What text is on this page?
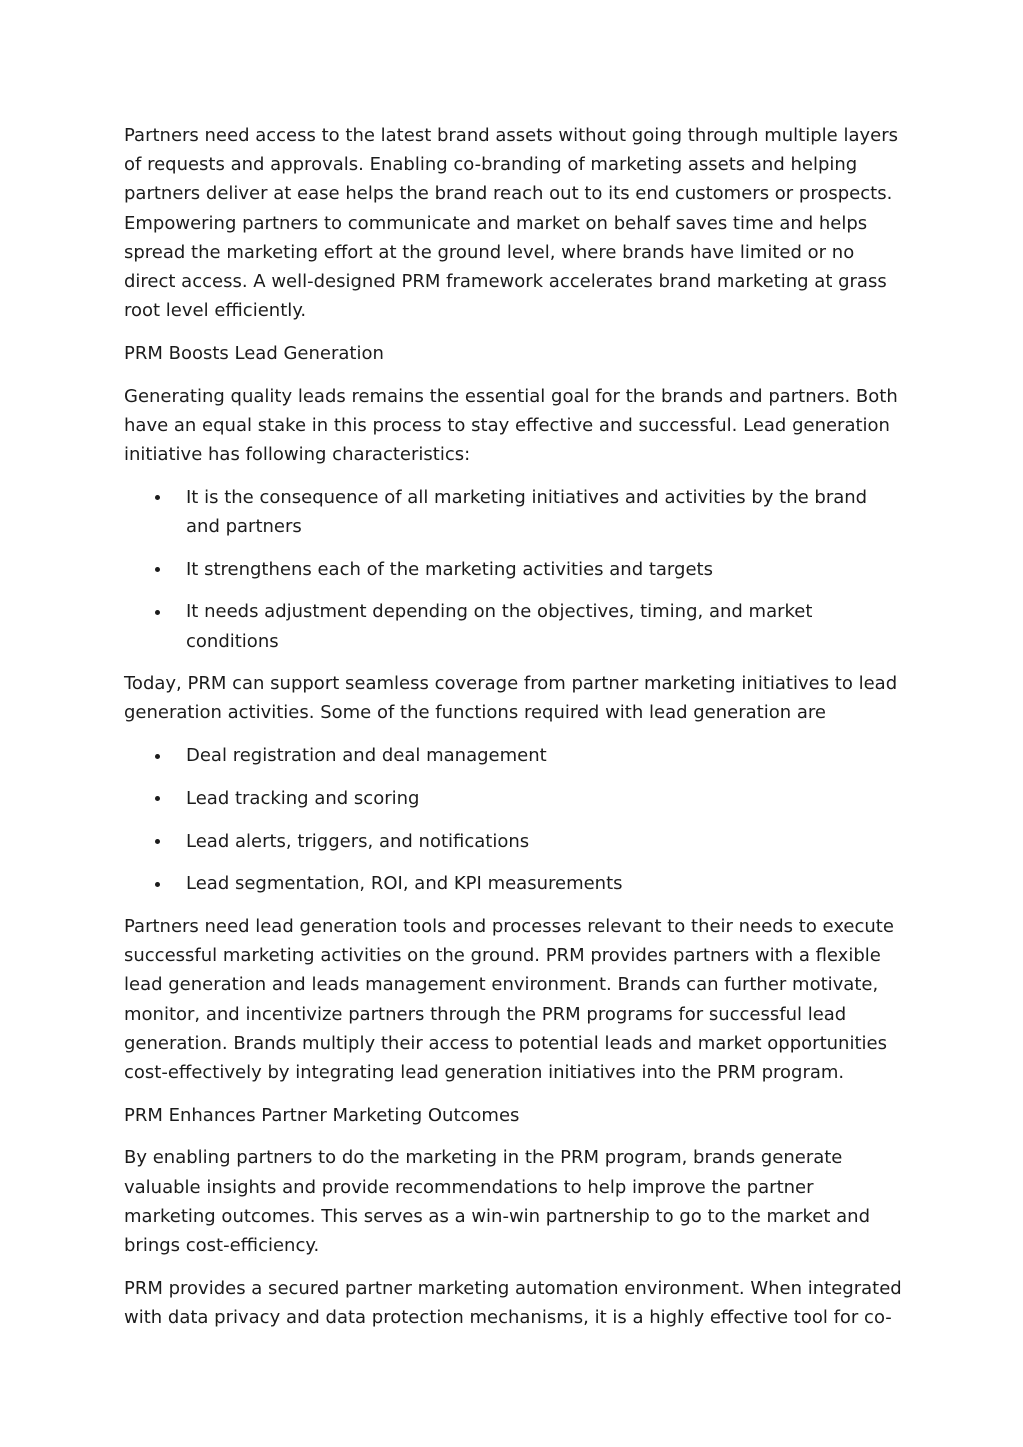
Partners need access to the latest brand assets without going through multiple layers of requests and approvals. Enabling co-branding of marketing assets and helping partners deliver at ease helps the brand reach out to its end customers or prospects. Empowering partners to communicate and market on behalf saves time and helps spread the marketing effort at the ground level, where brands have limited or no direct access. A well-designed PRM framework accelerates brand marketing at grass root level efficiently.

PRM Boosts Lead Generation

Generating quality leads remains the essential goal for the brands and partners. Both have an equal stake in this process to stay effective and successful. Lead generation initiative has following characteristics:

It is the consequence of all marketing initiatives and activities by the brand and partners
It strengthens each of the marketing activities and targets
It needs adjustment depending on the objectives, timing, and market conditions

Today, PRM can support seamless coverage from partner marketing initiatives to lead generation activities. Some of the functions required with lead generation are

Deal registration and deal management
Lead tracking and scoring
Lead alerts, triggers, and notifications
Lead segmentation, ROI, and KPI measurements

Partners need lead generation tools and processes relevant to their needs to execute successful marketing activities on the ground. PRM provides partners with a flexible lead generation and leads management environment. Brands can further motivate, monitor, and incentivize partners through the PRM programs for successful lead generation. Brands multiply their access to potential leads and market opportunities cost-effectively by integrating lead generation initiatives into the PRM program.

PRM Enhances Partner Marketing Outcomes

By enabling partners to do the marketing in the PRM program, brands generate valuable insights and provide recommendations to help improve the partner marketing outcomes. This serves as a win-win partnership to go to the market and brings cost-efficiency.

PRM provides a secured partner marketing automation environment. When integrated with data privacy and data protection mechanisms, it is a highly effective tool for co-
